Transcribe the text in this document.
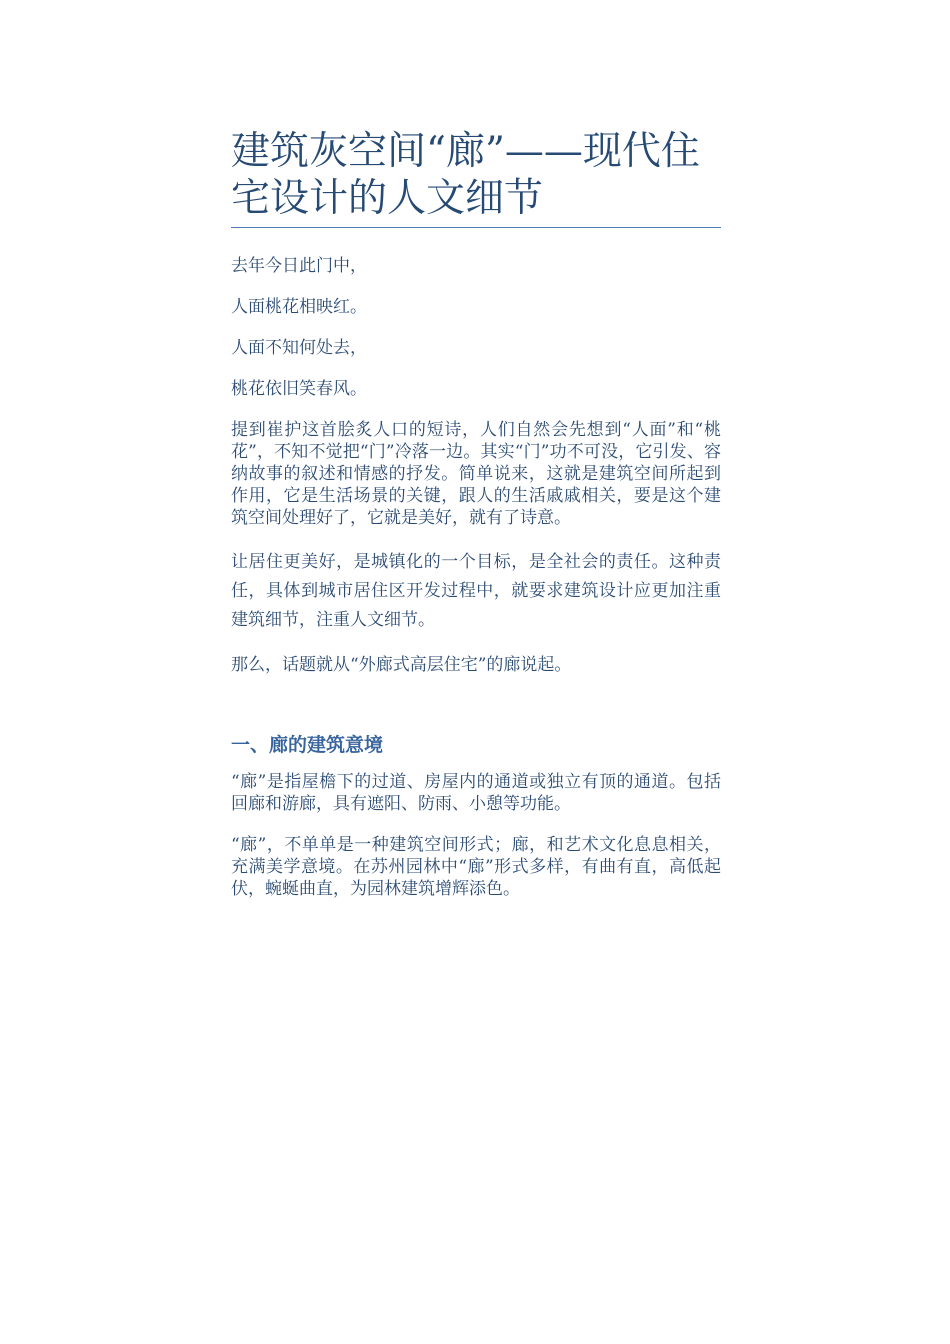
建筑灰空间“廊”——现代住宅设计的人文细节

去年今日此门中，

人面桃花相映红。

人面不知何处去，

桃花依旧笑春风。

提到崔护这首脍炙人口的短诗，人们自然会先想到“人面”和“桃花”，不知不觉把“门”冷落一边。其实“门”功不可没，它引发、容纳故事的叙述和情感的抒发。简单说来，这就是建筑空间所起到作用，它是生活场景的关键，跟人的生活戚戚相关，要是这个建筑空间处理好了，它就是美好，就有了诗意。

让居住更美好，是城镇化的一个目标，是全社会的责任。这种责任，具体到城市居住区开发过程中，就要求建筑设计应更加注重建筑细节，注重人文细节。

那么，话题就从“外廊式高层住宅”的廊说起。

一、廊的建筑意境

“廊”是指屋檐下的过道、房屋内的通道或独立有顶的通道。包括回廊和游廊，具有遮阳、防雨、小憩等功能。

“廊”，不单单是一种建筑空间形式；廊，和艺术文化息息相关，充满美学意境。在苏州园林中“廊”形式多样，有曲有直，高低起伏，蜿蜒曲直，为园林建筑增辉添色。
